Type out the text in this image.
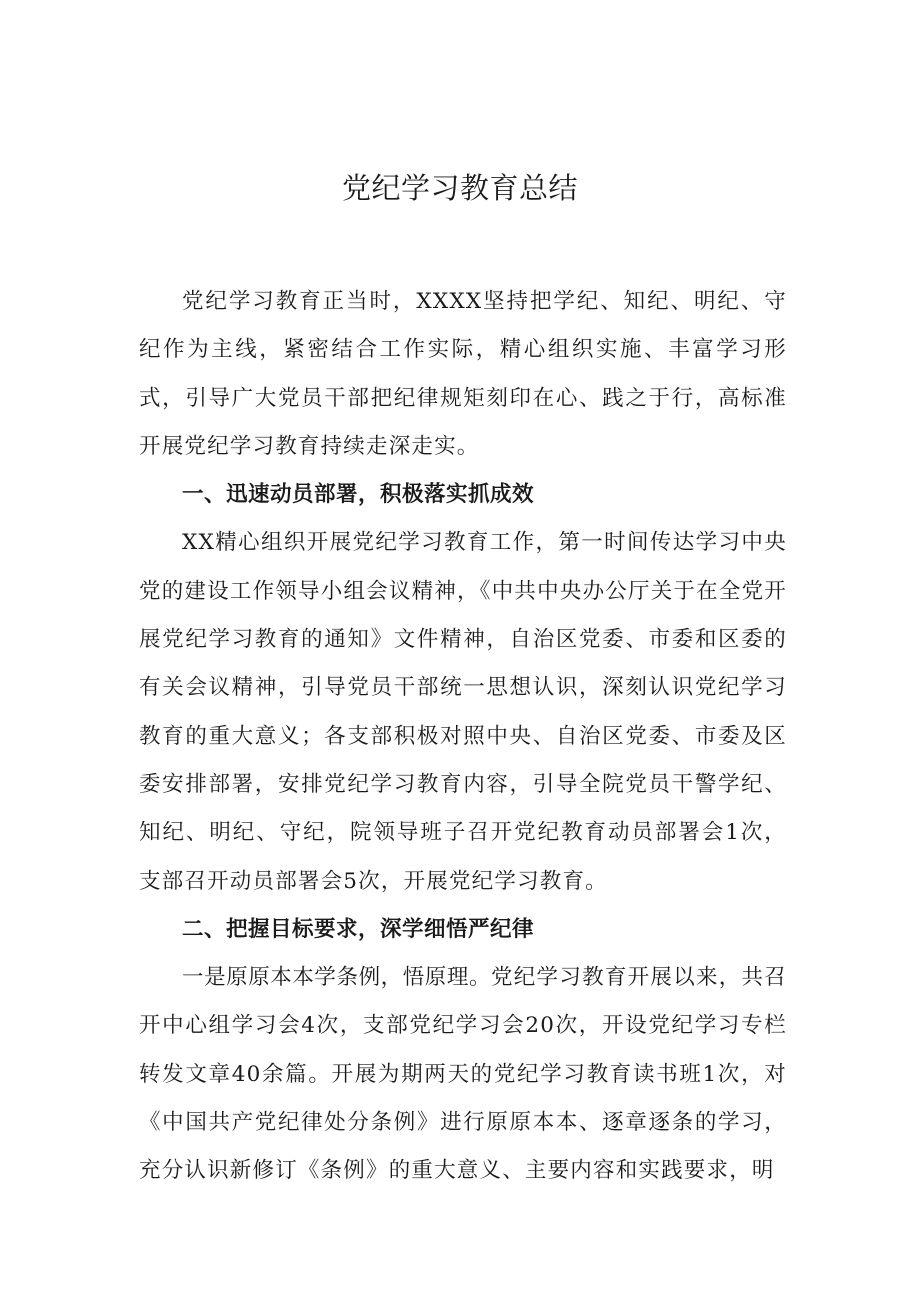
党纪学习教育总结

党纪学习教育正当时，XXXX坚持把学纪、知纪、明纪、守纪作为主线，紧密结合工作实际，精心组织实施、丰富学习形式，引导广大党员干部把纪律规矩刻印在心、践之于行，高标准开展党纪学习教育持续走深走实。

一、迅速动员部署，积极落实抓成效

XX精心组织开展党纪学习教育工作，第一时间传达学习中央党的建设工作领导小组会议精神，《中共中央办公厅关于在全党开展党纪学习教育的通知》文件精神，自治区党委、市委和区委的有关会议精神，引导党员干部统一思想认识，深刻认识党纪学习教育的重大意义；各支部积极对照中央、自治区党委、市委及区委安排部署，安排党纪学习教育内容，引导全院党员干警学纪、知纪、明纪、守纪，院领导班子召开党纪教育动员部署会1次，支部召开动员部署会5次，开展党纪学习教育。

二、把握目标要求，深学细悟严纪律

一是原原本本学条例，悟原理。党纪学习教育开展以来，共召开中心组学习会4次，支部党纪学习会20次，开设党纪学习专栏转发文章40余篇。开展为期两天的党纪学习教育读书班1次，对《中国共产党纪律处分条例》进行原原本本、逐章逐条的学习，充分认识新修订《条例》的重大意义、主要内容和实践要求，明
